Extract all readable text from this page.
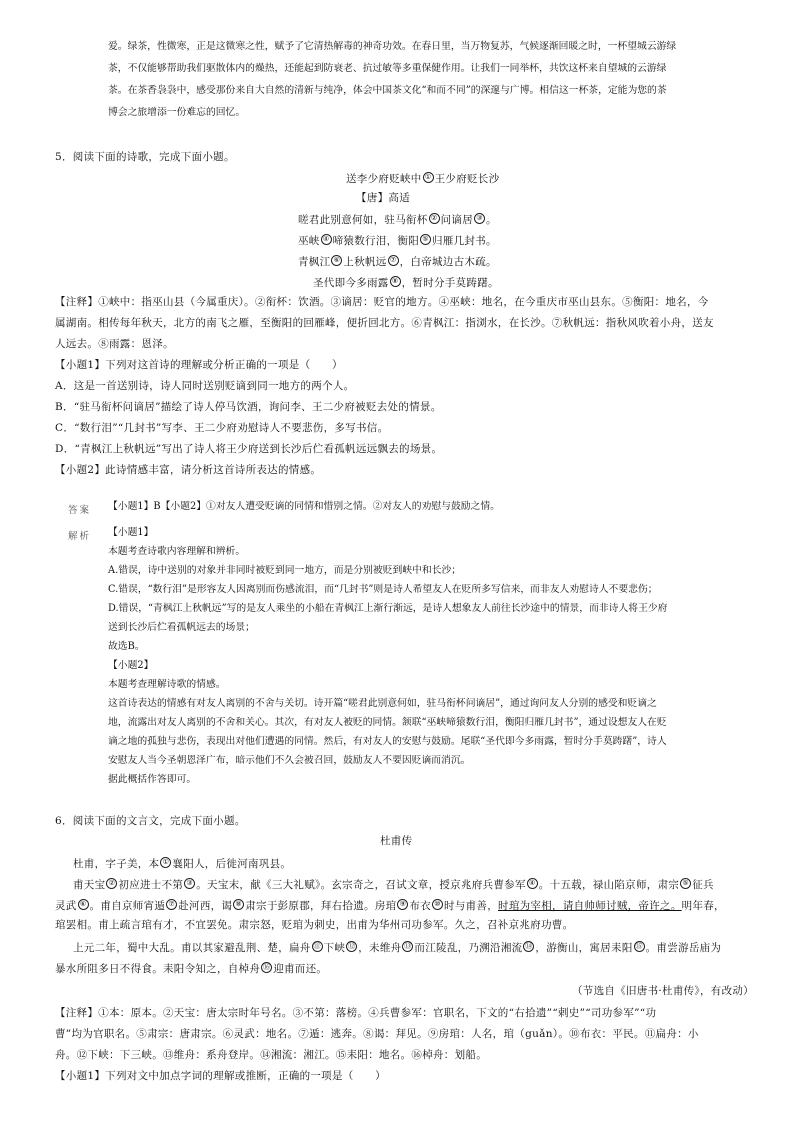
爱。绿茶，性微寒，正是这微寒之性，赋予了它清热解毒的神奇功效。在春日里，当万物复苏，气候逐渐回暖之时，一杯望城云游绿
茶，不仅能够帮助我们驱散体内的燥热，还能起到防衰老、抗过敏等多重保健作用。让我们一同举杯，共饮这杯来自望城的云游绿
茶。在茶香袅袅中，感受那份来自大自然的清新与纯净，体会中国茶文化“和而不同”的深邃与广博。相信这一杯茶，定能为您的茶
博会之旅增添一份难忘的回忆。
5．阅读下面的诗歌，完成下面小题。
送李少府贬峡中 ① 王少府贬长沙
【唐】高适
嗟君此别意何如，驻马衔杯 ② 问谪居 ③ 。
巫峡 ④ 啼猿数行泪，衡阳 ⑤ 归雁几封书。
青枫江 ⑥ 上秋帆远 ⑦ ，白帝城边古木疏。
圣代即今多雨露 ⑧ ，暂时分手莫踌躇。
【注释】①峡中：指巫山县（今属重庆）。②衔杯：饮酒。③谪居：贬官的地方。④巫峡：地名，在今重庆市巫山县东。⑤衡阳：地名，今
属湖南。相传每年秋天，北方的南飞之雁，至衡阳的回雁峰，便折回北方。⑥青枫江：指浏水，在长沙。⑦秋帆远：指秋风吹着小舟，送友
人远去。⑧雨露：恩泽。
【小题1】下列对这首诗的理解或分析正确的一项是（　　）
A．这是一首送别诗，诗人同时送别贬谪到同一地方的两个人。
B．“驻马衔杯问谪居”描绘了诗人停马饮酒，询问李、王二少府被贬去处的情景。
C．“数行泪”“几封书”写李、王二少府劝慰诗人不要悲伤，多写书信。
D．“青枫江上秋帆远”写出了诗人将王少府送到长沙后伫看孤帆远远飘去的场景。
【小题2】此诗情感丰富，请分析这首诗所表达的情感。
答案 【小题1】B【小题2】①对友人遭受贬谪的同情和惜别之情。②对友人的劝慰与鼓励之情。
解析 【小题1】
本题考查诗歌内容理解和辨析。
A.错误，诗中送别的对象并非同时被贬到同一地方，而是分别被贬到峡中和长沙；
C.错误，“数行泪”是形容友人因离别而伤感流泪，而“几封书”则是诗人希望友人在贬所多写信来，而非友人劝慰诗人不要悲伤；
D.错误，“青枫江上秋帆远”写的是友人乘坐的小船在青枫江上渐行渐远，是诗人想象友人前往长沙途中的情景，而非诗人将王少府
送到长沙后伫看孤帆远去的场景；
故选B。
【小题2】
本题考查理解诗歌的情感。
这首诗表达的情感有对友人离别的不舍与关切。诗开篇“嗟君此别意何如，驻马衔杯问谪居”，通过询问友人分别的感受和贬谪之
地，流露出对友人离别的不舍和关心。其次，有对友人被贬的同情。颔联“巫峡啼猿数行泪，衡阳归雁几封书”，通过设想友人在贬
谪之地的孤独与悲伤，表现出对他们遭遇的同情。然后，有对友人的安慰与鼓励。尾联“圣代即今多雨露，暂时分手莫踌躇”，诗人
安慰友人当今圣朝恩泽广布，暗示他们不久会被召回，鼓励友人不要因贬谪而消沉。
据此概括作答即可。
6．阅读下面的文言文，完成下面小题。
杜甫传
杜甫，字子美，本 ① 襄阳人，后徙河南巩县。
甫天宝 ② 初应进士不第 ③ 。天宝末，献《三大礼赋》。玄宗奇之，召试文章，授京兆府兵曹参军 ④ 。十五载，禄山陷京师，肃宗 ⑤ 征兵
灵武 ⑥ 。甫自京师宵遁 ⑦ 赴河西，谒 ⑧ 肃宗于彭原郡，拜右拾遗。房琯 ⑨ 布衣 ⑩ 时与甫善，时琯为宰相，请自帅师讨贼，帝许之。明年春，
琯罢相。甫上疏言琯有才，不宜罢免。肃宗怒，贬琯为刺史，出甫为华州司功参军。久之，召补京兆府功曹。
上元二年，蜀中大乱。甫以其家避乱荆、楚，扁舟 ⑪ 下峡 ⑫ ，未维舟 ⑬ 而江陵乱，乃溯沿湘流 ⑭ ，游衡山，寓居耒阳 ⑮ 。甫尝游岳庙为
暴水所阻多日不得食。耒阳令知之，自棹舟 ⑯ 迎甫而还。
（节选自《旧唐书·杜甫传》，有改动）
【注释】①本：原本。②天宝：唐太宗时年号名。③不第：落榜。④兵曹参军：官职名，下文的“右拾遗”“剌史”“司功参军”“功
曹”均为官职名。⑤肃宗：唐肃宗。⑥灵武：地名。⑦遁：逃奔。⑧谒：拜见。⑨房琯：人名，琯（guǎn）。⑩布衣：平民。⑪扁舟：小
舟。⑫下峡：下三峡。⑬维舟：系舟登岸。⑭湘流：湘江。⑮耒阳：地名。⑯棹舟：划船。
【小题1】下列对文中加点字词的理解或推断，正确的一项是（　　）
